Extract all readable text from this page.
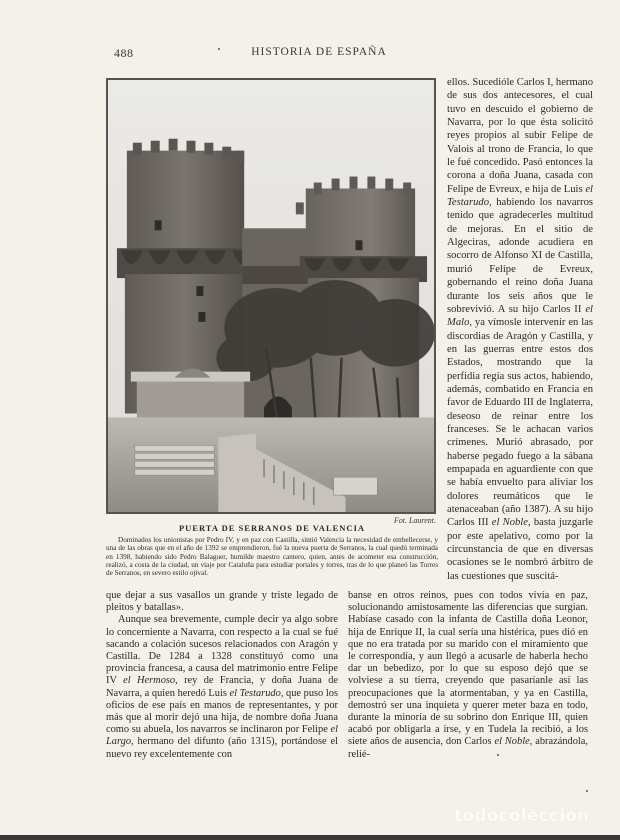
488	HISTORIA DE ESPAÑA
Fot. Laurent.
PUERTA DE SERRANOS DE VALENCIA
Dominados los unionistas por Pedro IV, y en paz con Castilla, sintió Valencia la necesidad de embellecerse, y una de las obras que en el año de 1392 se emprendieron, fué la nueva puerta de Serranos, la cual quedó terminada en 1398, habiendo sido Pedro Balaguer, humilde maestro cantero, quien, antes de acometer esa construcción, realizó, a costa de la ciudad, un viaje por Cataluña para estudiar portales y torres, tras de lo que planeó las Torres de Serranos, en severo estilo ojival.

ellos. Sucedióle Carlos I, hermano de sus dos antecesores, el cual tuvo en descuido el gobierno de Navarra, por lo que ésta solicitó reyes propios al subir Felipe de Valois al trono de Francia, lo que le fué concedido. Pasó entonces la corona a doña Juana, casada con Felipe de Evreux, e hija de Luis el Testarudo, habiendo los navarros tenido que agradecerles multitud de mejoras. En el sitio de Algeciras, adonde acudiera en socorro de Alfonso XI de Castilla, murió Felipe de Evreux, gobernando el reino doña Juana durante los seis años que le sobrevivió. A su hijo Carlos II el Malo, ya vímosle intervenir en las discordias de Aragón y Castilla, y en las guerras entre estos dos Estados, mostrando que la perfidia regía sus actos, habiendo, además, combatido en Francia en favor de Eduardo III de Inglaterra, deseoso de reinar entre los franceses. Se le achacan varios crímenes. Murió abrasado, por haberse pegado fuego a la sábana empapada en aguardiente con que se había envuelto para aliviar los dolores reumáticos que le atenaceaban (año 1387). A su hijo Carlos III el Noble, basta juzgarle por este apelativo, como por la circunstancia de que en diversas ocasiones se le nombró árbitro de las cuestiones que suscitá-

que dejar a sus vasallos un grande y triste legado de pleitos y batallas».

Aunque sea brevemente, cumple decir ya algo sobre lo concerniente a Navarra, con respecto a la cual se fué sacando a colación sucesos relacionados con Aragón y Castilla. De 1284 a 1328 constituyó como una provincia francesa, a causa del matrimonio entre Felipe IV el Hermoso, rey de Francia, y doña Juana de Navarra, a quien heredó Luis el Testarudo, que puso los oficios de ese país en manos de representantes, y por más que al morir dejó una hija, de nombre doña Juana como su abuela, los navarros se inclinaron por Felipe el Largo, hermano del difunto (año 1315), portándose el nuevo rey excelentemente con

banse en otros reinos, pues con todos vivía en paz, solucionando amistosamente las diferencias que surgían. Habíase casado con la infanta de Castilla doña Leonor, hija de Enrique II, la cual sería una histérica, pues dió en que no era tratada por su marido con el miramiento que le correspondía, y aun llegó a acusarle de haberla hecho dar un bebedizo, por lo que su esposo dejó que se volviese a su tierra, creyendo que pasaríanle así las preocupaciones que la atormentaban, y ya en Castilla, demostró ser una inquieta y querer meter baza en todo, durante la minoría de su sobrino don Enrique III, quien acabó por obligarla a irse, y en Tudela la recibió, a los siete años de ausencia, don Carlos el Noble, abrazándola, relié-

todocoleccion
